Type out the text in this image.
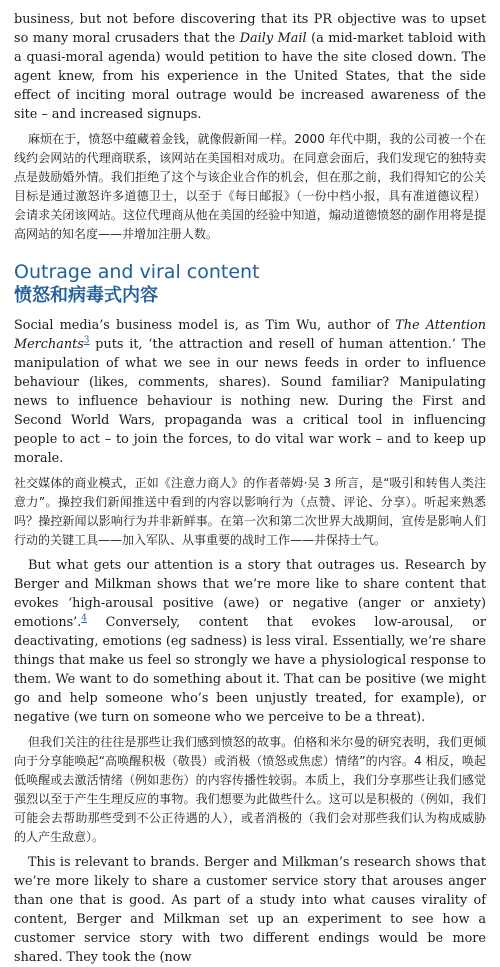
business, but not before discovering that its PR objective was to upset so many moral crusaders that the Daily Mail (a mid-market tabloid with a quasi-moral agenda) would petition to have the site closed down. The agent knew, from his experience in the United States, that the side effect of inciting moral outrage would be increased awareness of the site – and increased signups.

麻烦在于，愤怒中蕴藏着金钱，就像假新闻一样。2000 年代中期，我的公司被一个在线约会网站的代理商联系，该网站在美国相对成功。在同意会面后，我们发现它的独特卖点是鼓励婚外情。我们拒绝了这个与该企业合作的机会，但在那之前，我们得知它的公关目标是通过激怒许多道德卫士，以至于《每日邮报》（一份中档小报，具有准道德议程）会请求关闭该网站。这位代理商从他在美国的经验中知道，煽动道德愤怒的副作用将是提高网站的知名度——并增加注册人数。

Outrage and viral content
愤怒和病毒式内容

Social media’s business model is, as Tim Wu, author of The Attention Merchants$^3$ puts it, ‘the attraction and resell of human attention.’ The manipulation of what we see in our news feeds in order to influence behaviour (likes, comments, shares). Sound familiar? Manipulating news to influence behaviour is nothing new. During the First and Second World Wars, propaganda was a critical tool in influencing people to act – to join the forces, to do vital war work – and to keep up morale.

社交媒体的商业模式，正如《注意力商人》的作者蒂姆·吴 3 所言，是“吸引和转售人类注意力”。操控我们新闻推送中看到的内容以影响行为（点赞、评论、分享）。听起来熟悉吗？操控新闻以影响行为并非新鲜事。在第一次和第二次世界大战期间，宣传是影响人们行动的关键工具——加入军队、从事重要的战时工作——并保持士气。

But what gets our attention is a story that outrages us. Research by Berger and Milkman shows that we’re more like to share content that evokes ‘high-arousal positive (awe) or negative (anger or anxiety) emotions’.$^4$ Conversely, content that evokes low-arousal, or deactivating, emotions (eg sadness) is less viral. Essentially, we’re share things that make us feel so strongly we have a physiological response to them. We want to do something about it. That can be positive (we might go and help someone who’s been unjustly treated, for example), or negative (we turn on someone who we perceive to be a threat).

但我们关注的往往是那些让我们感到愤怒的故事。伯格和米尔曼的研究表明，我们更倾向于分享能唤起“高唤醒积极（敬畏）或消极（愤怒或焦虑）情绪”的内容。4 相反，唤起低唤醒或去激活情绪（例如悲伤）的内容传播性较弱。本质上，我们分享那些让我们感觉强烈以至于产生生理反应的事物。我们想要为此做些什么。这可以是积极的（例如，我们可能会去帮助那些受到不公正待遇的人），或者消极的（我们会对那些我们认为构成威胁的人产生敌意）。

This is relevant to brands. Berger and Milkman’s research shows that we’re more likely to share a customer service story that arouses anger than one that is good. As part of a study into what causes virality of content, Berger and Milkman set up an experiment to see how a customer service story with two different endings would be more shared. They took the (now
